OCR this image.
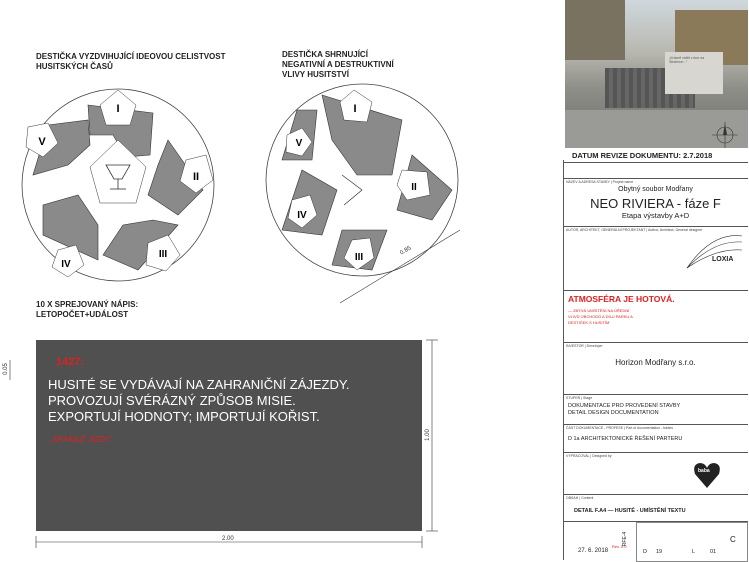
DESTIČKA VYZDVIHUJÍCÍ IDEOVOU CELISTVOST
HUSITSKÝCH ČASŮ
DESTIČKA SHRNUJÍCÍ
NEGATIVNÍ A DESTRUKTIVNÍ
VLIVY HUSITSTVÍ
I
II
III
IV
V
I
II
III
IV
V
0.85
10 X SPREJOVANÝ NÁPIS:
LETOPOČET+UDÁLOST
1427:
HUSITÉ SE VYDÁVAJÍ NA ZAHRANIČNÍ ZÁJEZDY.
PROVOZUJÍ SVÉRÁZNÝ ZPŮSOB MISIE.
EXPORTUJÍ HODNOTY; IMPORTUJÍ KOŘIST.
„SPANILÉ JÍZDY“
2.00
1.00
0.05
„Krásně vidět v tom na Strahove...“
DATUM REVIZE DOKUMENTU: 2.7.2018
.
NÁZEV A ADRESA STAVBY | Project name
Obytný soubor Modřany
NEO RIVIERA - fáze F
Etapa výstavby A+D
AUTOR, ARCHITEKT, GENERÁLNÍ PROJEKTANT | Author, Architect, General designer
LOXIA
ATMOSFÉRA JE HOTOVÁ.
— ZBÝVÁ UMÍSTĚNÍ NA ÚŘEDNÍ
VLIVŮ OBCHODŮ A DÍLU PARKU A
DESTIČEK S HUSITÍM
INVESTOR | Developer
Horizon Modřany s.r.o.
STUPEŇ | Stage
DOKUMENTACE PRO PROVEDENÍ STAVBY
DETAIL DESIGN DOCUMENTATION
ČÁST DOKUMENTACE - PROFESE | Part of documentation - trades
D 1a ARCHITEKTONICKÉ ŘEŠENÍ PARTERU
VYPRACOVAL | Designed by
baba
OBSAH | Content
DETAIL F.A4 — HUSITÉ - UMÍSTĚNÍ TEXTU
27. 6. 2018
Rev. 0.0
RFE-4
D 19	L	01
C
